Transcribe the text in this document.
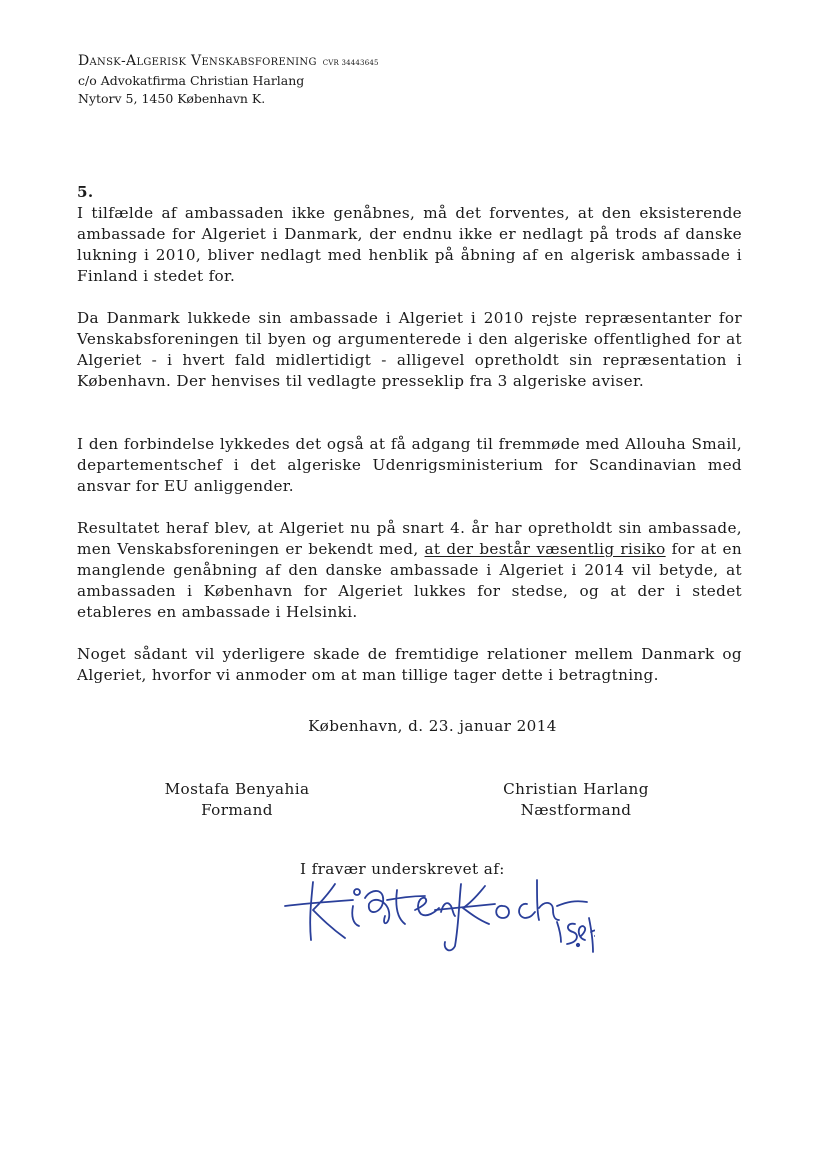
Dansk-Algerisk Venskabsforening CVR 34443645
c/o Advokatfirma Christian Harlang
Nytorv 5, 1450 København K.

5.

I tilfælde af ambassaden ikke genåbnes, må det forventes, at den eksisterende ambassade for Algeriet i Danmark, der endnu ikke er nedlagt på trods af danske lukning i 2010, bliver nedlagt med henblik på åbning af en algerisk ambassade i Finland i stedet for.

Da Danmark lukkede sin ambassade i Algeriet i 2010 rejste repræsentanter for Venskabsforeningen til byen og argumenterede i den algeriske offentlighed for at Algeriet - i hvert fald midlertidigt - alligevel opretholdt sin repræsentation i København. Der henvises til vedlagte presseklip fra 3 algeriske aviser.

I den forbindelse lykkedes det også at få adgang til fremmøde med Allouha Smail, departementschef i det algeriske Udenrigsministerium for Scandinavian med ansvar for EU anliggender.

Resultatet heraf blev, at Algeriet nu på snart 4. år har opretholdt sin ambassade, men Venskabsforeningen er bekendt med, at der består væsentlig risiko for at en manglende genåbning af den danske ambassade i Algeriet i 2014 vil betyde, at ambassaden i København for Algeriet lukkes for stedse, og at der i stedet etableres en ambassade i Helsinki.

Noget sådant vil yderligere skade de fremtidige relationer mellem Danmark og Algeriet, hvorfor vi anmoder om at man tillige tager dette i betragtning.

København, d. 23. januar 2014
Mostafa Benyahia
Formand
Christian Harlang
Næstformand
I fravær underskrevet af:
